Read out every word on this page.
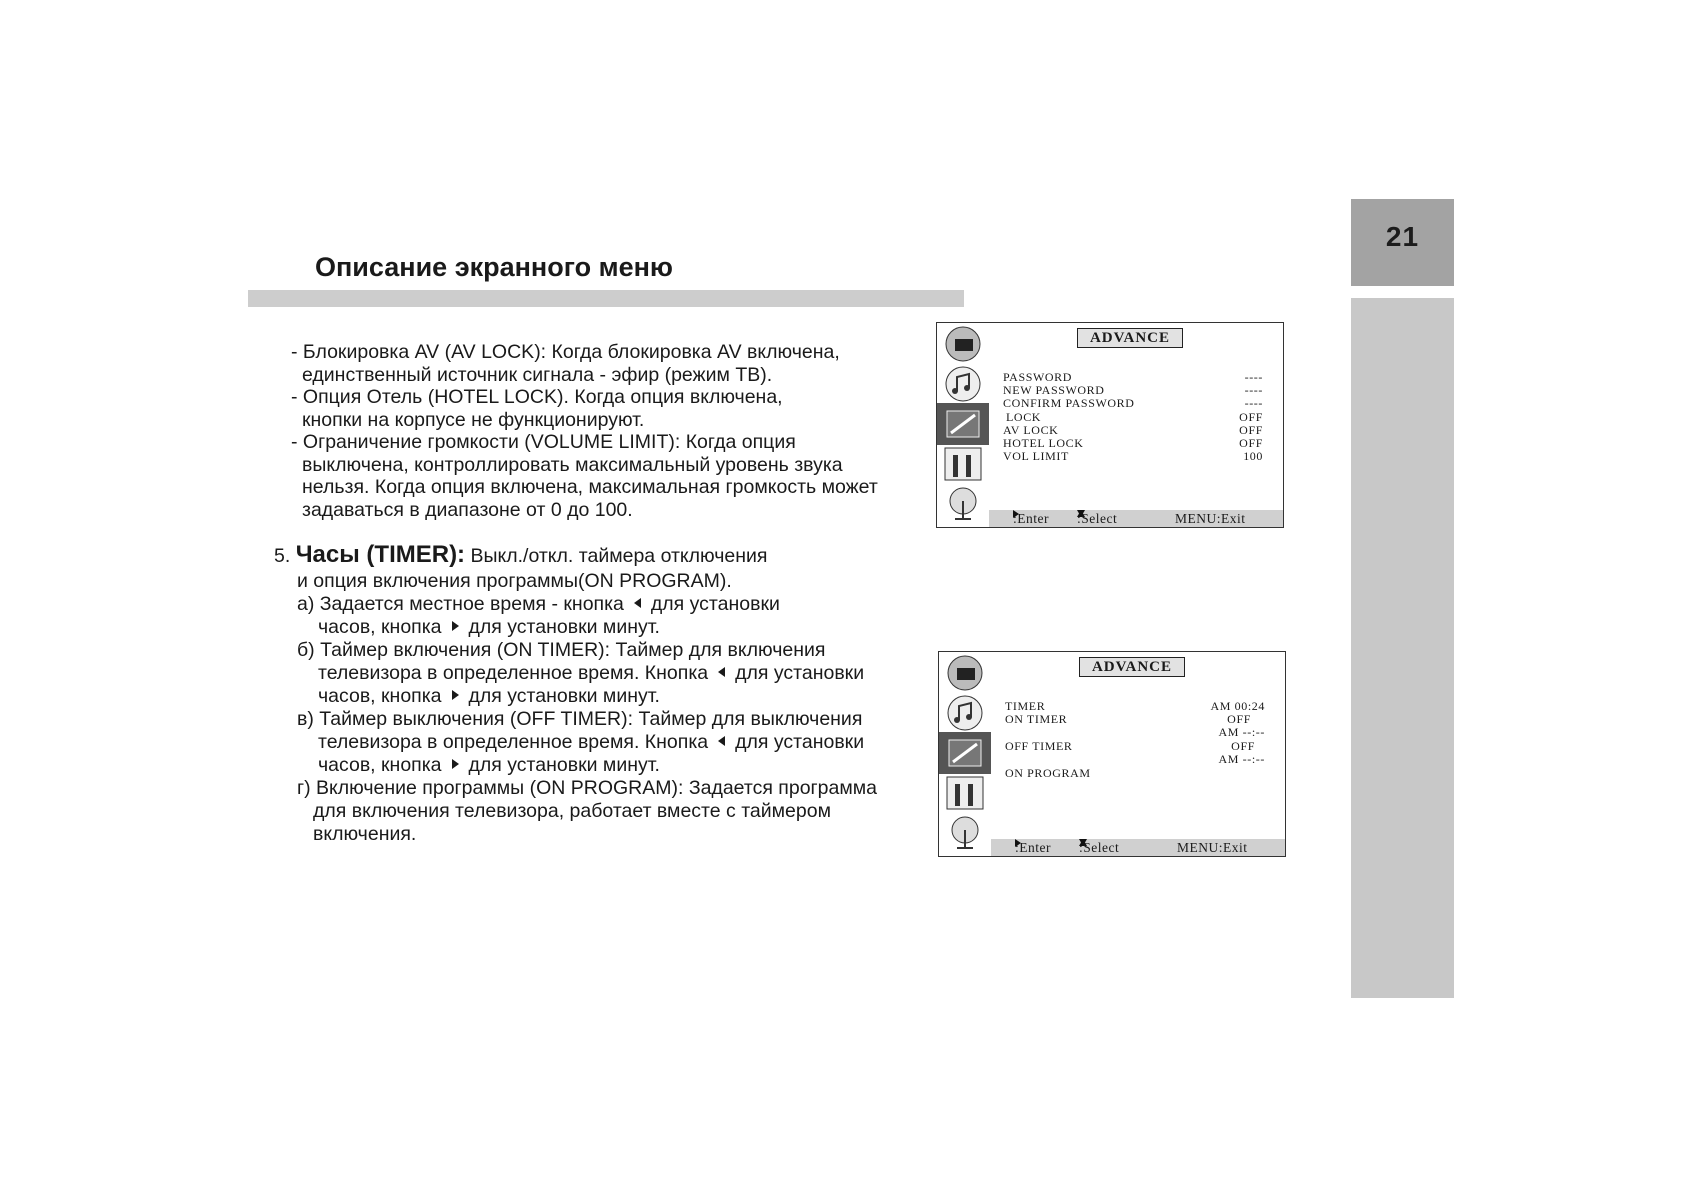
21
Описание экранного меню
- Блокировка AV (AV LOCK): Когда блокировка AV включена,
единственный источник сигнала - эфир (режим ТВ).
- Опция Отель (HOTEL LOCK). Когда опция включена,
кнопки на корпусе не функционируют.
- Ограничение громкости (VOLUME LIMIT): Когда опция
выключена, контроллировать максимальный уровень звука
нельзя. Когда опция включена, максимальная громкость может
задаваться в диапазоне от 0 до 100.
5. Часы (TIMER): Выкл./откл. таймера отключения
и опция включения программы(ON PROGRAM).
а) Задается местное время - кнопка для установки
часов, кнопка для установки минут.
б) Таймер включения (ON TIMER): Таймер для включения
телевизора в определенное время. Кнопка для установки
часов, кнопка для установки минут.
в) Таймер выключения (OFF TIMER): Таймер для выключения
телевизора в определенное время. Кнопка для установки
часов, кнопка для установки минут.
г) Включение программы (ON PROGRAM): Задается программа
для включения телевизора, работает вместе с таймером
включения.
ADVANCE
PASSWORD	----
NEW PASSWORD	----
CONFIRM PASSWORD	----
LOCK	OFF
AV LOCK	OFF
HOTEL LOCK	OFF
VOL LIMIT	100
:Enter :Select	MENU:Exit
ADVANCE
TIMER	AM 00:24
ON TIMER	OFF
AM --:--
OFF TIMER	OFF
AM --:--
ON PROGRAM
:Enter :Select	MENU:Exit
